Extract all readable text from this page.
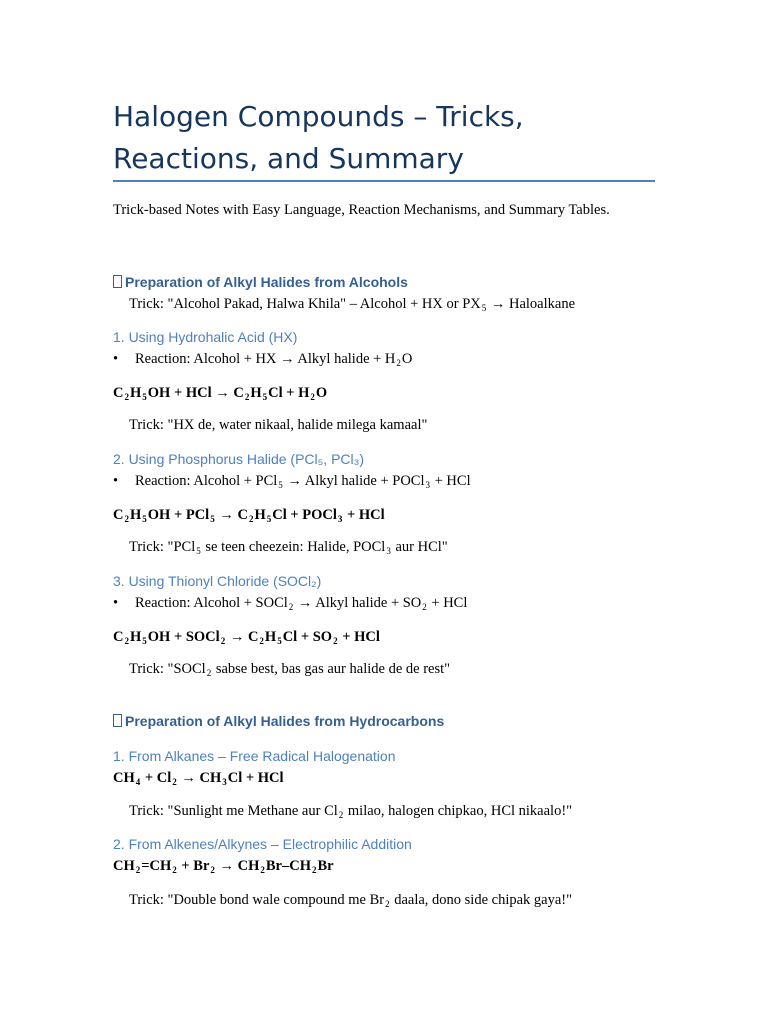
Halogen Compounds – Tricks, Reactions, and Summary
Trick-based Notes with Easy Language, Reaction Mechanisms, and Summary Tables.
Preparation of Alkyl Halides from Alcohols
Trick: "Alcohol Pakad, Halwa Khila" – Alcohol + HX or $PX_5$ → Haloalkane
1. Using Hydrohalic Acid (HX)
• Reaction: Alcohol + HX → Alkyl halide + $H_2O$
$C_2H_5OH$ + HCl → $C_2H_5Cl + H_2O$
Trick: "HX de, water nikaal, halide milega kamaal"
2. Using Phosphorus Halide (PCl₅, PCl₃)
• Reaction: Alcohol + PCl$_5$ → Alkyl halide + POCl$_3$ + HCl
$C_2H_5OH + PCl_5 \to C_2H_5Cl$ + POCl$_3$ + HCl
Trick: "PCl$_5$ se teen cheezein: Halide, POCl$_3$ aur HCl"
3. Using Thionyl Chloride (SOCl₂)
• Reaction: Alcohol + SOCl$_2$ → Alkyl halide + $SO_2$ + HCl
$C_2H_5OH$ + SOCl$_2$ → $C_2H_5Cl + SO_2$ + HCl
Trick: "SOCl$_2$ sabse best, bas gas aur halide de de rest"
Preparation of Alkyl Halides from Hydrocarbons
1. From Alkanes – Free Radical Halogenation
$CH_4 + Cl_2 \to CH_3Cl$ + HCl
Trick: "Sunlight me Methane aur $Cl_2$ milao, halogen chipkao, HCl nikaalo!"
2. From Alkenes/Alkynes – Electrophilic Addition
$CH_2=CH_2 + Br_2 \to CH_2Br-CH_2Br$
Trick: "Double bond wale compound me $Br_2$ daala, dono side chipak gaya!"
